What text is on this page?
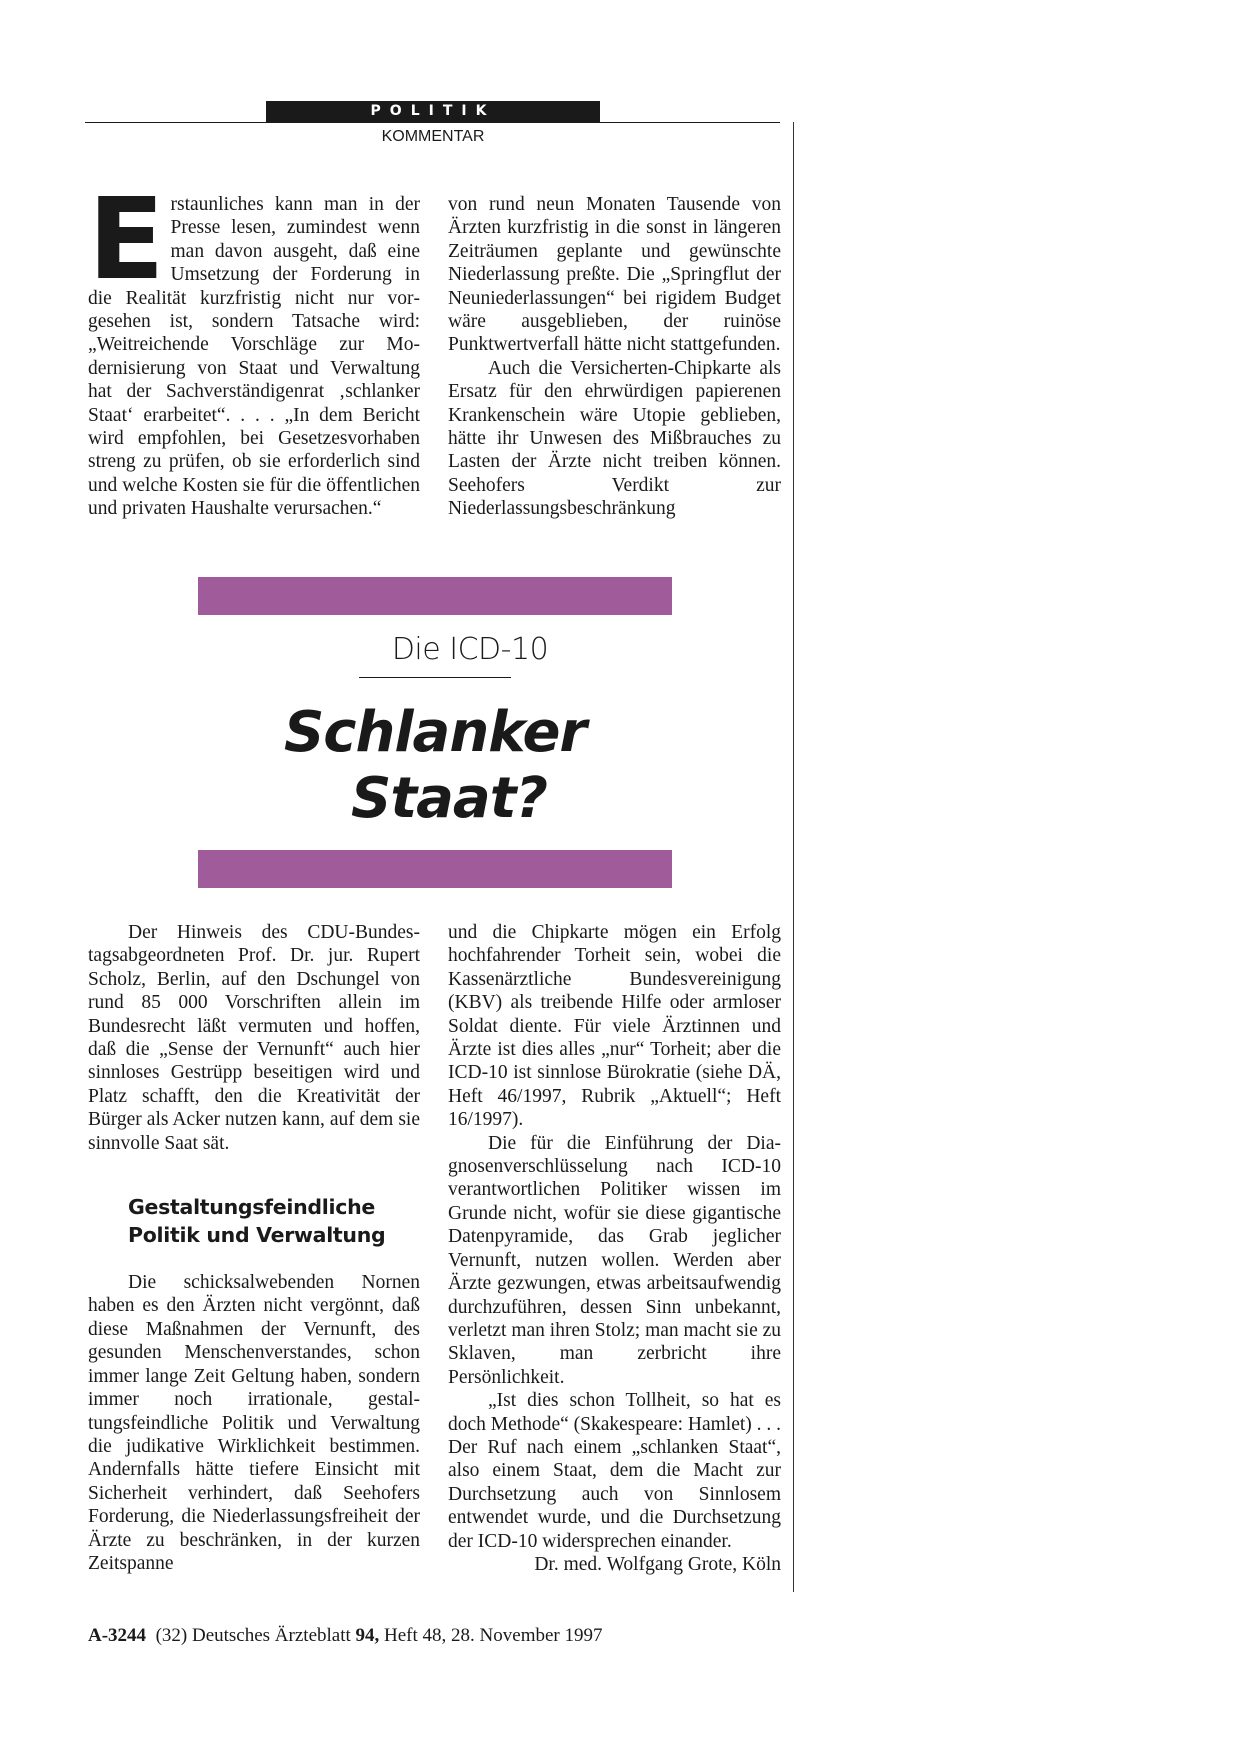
POLITIK
KOMMENTAR

Erstaunliches kann man in der Presse lesen, zumindest wenn man davon ausgeht, daß eine Umsetzung der Forderung in die Realität kurzfristig nicht nur vorgesehen ist, sondern Tatsache wird: „Weitreichende Vorschläge zur Modernisierung von Staat und Verwaltung hat der Sachverständigenrat ‚schlanker Staat‘ erarbeitet“. . . . „In dem Bericht wird empfohlen, bei Gesetzesvorhaben streng zu prüfen, ob sie erforderlich sind und welche Kosten sie für die öffentlichen und privaten Haushalte verursachen.“

von rund neun Monaten Tausende von Ärzten kurzfristig in die sonst in längeren Zeiträumen geplante und gewünschte Niederlassung preßte. Die „Springflut der Neuniederlassungen“ bei rigidem Budget wäre ausgeblieben, der ruinöse Punktwertverfall hätte nicht stattgefunden.

Auch die Versicherten-Chipkarte als Ersatz für den ehrwürdigen papierenen Krankenschein wäre Utopie geblieben, hätte ihr Unwesen des Mißbrauches zu Lasten der Ärzte nicht treiben können. Seehofers Verdikt zur Niederlassungsbeschränkung

Die ICD-10
Schlanker
Staat?

Der Hinweis des CDU-Bundestagsabgeordneten Prof. Dr. jur. Rupert Scholz, Berlin, auf den Dschungel von rund 85 000 Vorschriften allein im Bundesrecht läßt vermuten und hoffen, daß die „Sense der Vernunft“ auch hier sinnloses Gestrüpp beseitigen wird und Platz schafft, den die Kreativität der Bürger als Acker nutzen kann, auf dem sie sinnvolle Saat sät.

Gestaltungsfeindliche
Politik und Verwaltung

Die schicksalwebenden Nornen haben es den Ärzten nicht vergönnt, daß diese Maßnahmen der Vernunft, des gesunden Menschenverstandes, schon immer lange Zeit Geltung haben, sondern immer noch irrationale, gestaltungsfeindliche Politik und Verwaltung die judikative Wirklichkeit bestimmen. Andernfalls hätte tiefere Einsicht mit Sicherheit verhindert, daß Seehofers Forderung, die Niederlassungsfreiheit der Ärzte zu beschränken, in der kurzen Zeitspanne

und die Chipkarte mögen ein Erfolg hochfahrender Torheit sein, wobei die Kassenärztliche Bundesvereinigung (KBV) als treibende Hilfe oder armloser Soldat diente. Für viele Ärztinnen und Ärzte ist dies alles „nur“ Torheit; aber die ICD-10 ist sinnlose Bürokratie (siehe DÄ, Heft 46/1997, Rubrik „Aktuell“; Heft 16/1997).

Die für die Einführung der Diagnosenverschlüsselung nach ICD-10 verantwortlichen Politiker wissen im Grunde nicht, wofür sie diese gigantische Datenpyramide, das Grab jeglicher Vernunft, nutzen wollen. Werden aber Ärzte gezwungen, etwas arbeitsaufwendig durchzuführen, dessen Sinn unbekannt, verletzt man ihren Stolz; man macht sie zu Sklaven, man zerbricht ihre Persönlichkeit.

„Ist dies schon Tollheit, so hat es doch Methode“ (Skakespeare: Hamlet) . . . Der Ruf nach einem „schlanken Staat“, also einem Staat, dem die Macht zur Durchsetzung auch von Sinnlosem entwendet wurde, und die Durchsetzung der ICD-10 widersprechen einander.

Dr. med. Wolfgang Grote, Köln

A-3244 (32) Deutsches Ärzteblatt 94, Heft 48, 28. November 1997
